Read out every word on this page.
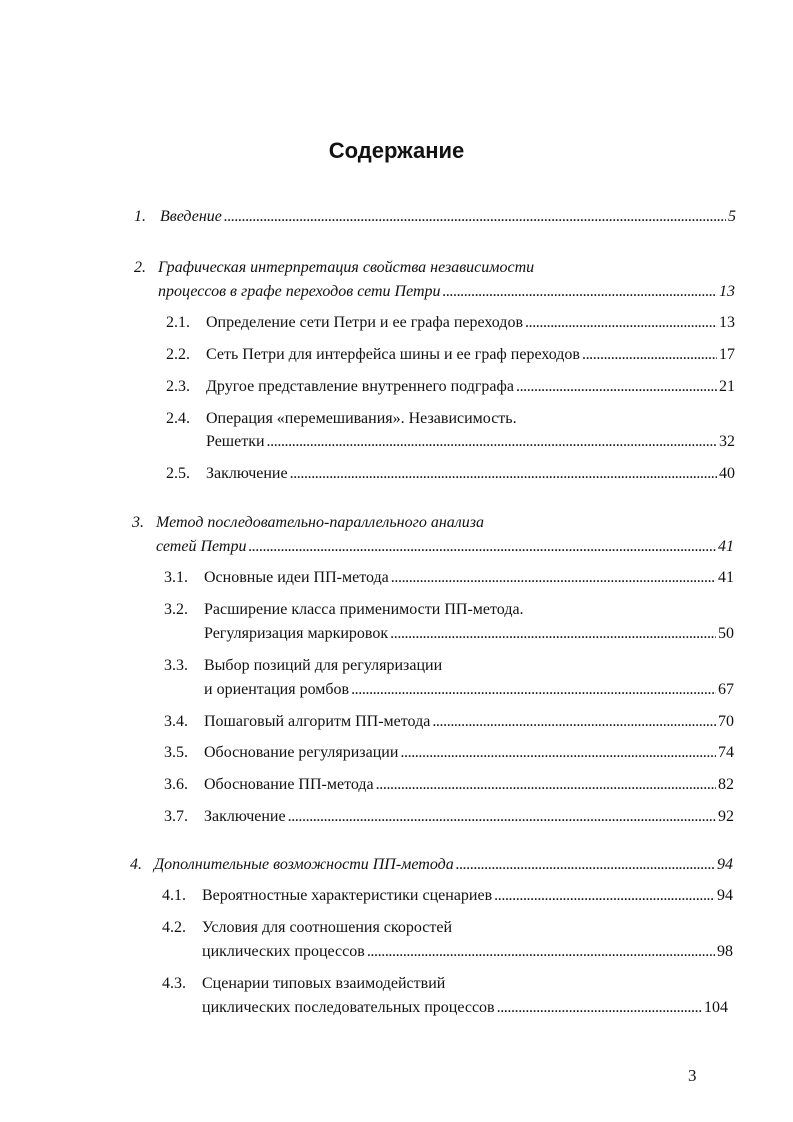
Содержание
1. Введение . . .	5
2. Графическая интерпретация свойства независимости
процессов в графе переходов сети Петри . . .	13
2.1.	Определение сети Петри и ее графа переходов . . .	13
2.2.	Сеть Петри для интерфейса шины и ее граф переходов . . .	17
2.3.	Другое представление внутреннего подграфа . . .	21
2.4. Операция «перемешивания». Независимость.
Решетки . . .	32
2.5.	Заключение . . .	40
3. Метод последовательно-параллельного анализа
сетей Петри . . .	41
3.1.	Основные идеи ПП-метода . . .	41
3.2. Расширение класса применимости ПП-метода.
Регуляризация маркировок . . .	50
3.3. Выбор позиций для регуляризации
и ориентация ромбов . . .	67
3.4.	Пошаговый алгоритм ПП-метода . . .	70
3.5.	Обоснование регуляризации . . .	74
3.6.	Обоснование ПП-метода . . .	82
3.7.	Заключение . . .	92
4. Дополнительные возможности ПП-метода . . .	94
4.1.	Вероятностные характеристики сценариев . . .	94
4.2. Условия для соотношения скоростей
циклических процессов . . .	98
4.3. Сценарии типовых взаимодействий
циклических последовательных процессов . . .	104
3
